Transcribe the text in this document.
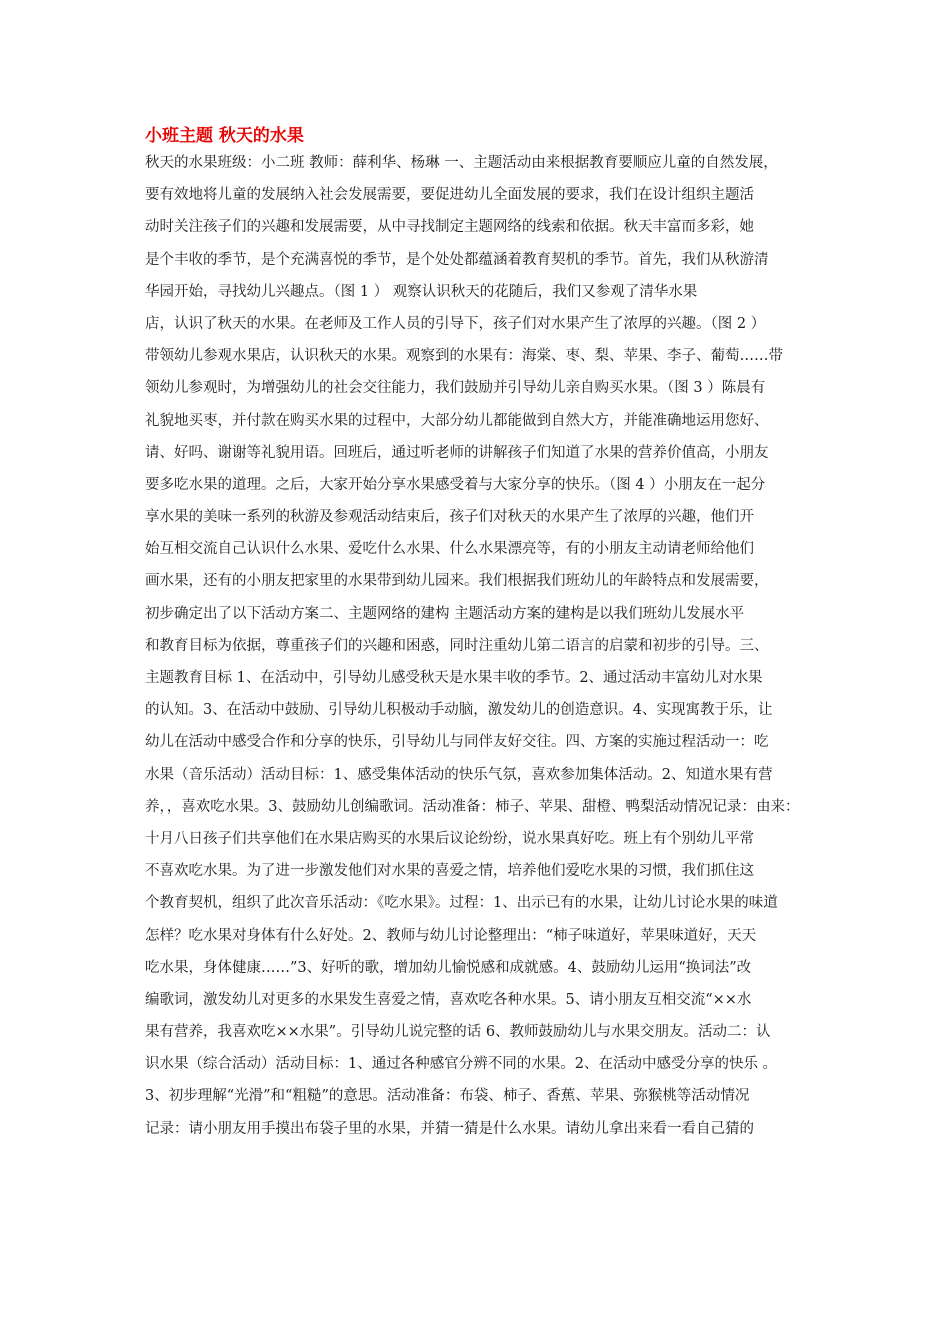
小班主题 秋天的水果
秋天的水果班级：小二班 教师：薛利华、杨琳 一、主题活动由来根据教育要顺应儿童的自然发展，
要有效地将儿童的发展纳入社会发展需要，要促进幼儿全面发展的要求，我们在设计组织主题活
动时关注孩子们的兴趣和发展需要，从中寻找制定主题网络的线索和依据。秋天丰富而多彩，她
是个丰收的季节，是个充满喜悦的季节，是个处处都蕴涵着教育契机的季节。首先，我们从秋游清
华园开始，寻找幼儿兴趣点。（图 1 ） 观察认识秋天的花随后，我们又参观了清华水果
店，认识了秋天的水果。在老师及工作人员的引导下，孩子们对水果产生了浓厚的兴趣。（图 2 ）
带领幼儿参观水果店，认识秋天的水果。观察到的水果有：海棠、枣、梨、苹果、李子、葡萄……带
领幼儿参观时，为增强幼儿的社会交往能力，我们鼓励并引导幼儿亲自购买水果。（图 3 ）陈晨有
礼貌地买枣，并付款在购买水果的过程中，大部分幼儿都能做到自然大方，并能准确地运用您好、
请、好吗、谢谢等礼貌用语。回班后，通过听老师的讲解孩子们知道了水果的营养价值高，小朋友
要多吃水果的道理。之后，大家开始分享水果感受着与大家分享的快乐。（图 4 ）小朋友在一起分
享水果的美味一系列的秋游及参观活动结束后，孩子们对秋天的水果产生了浓厚的兴趣，他们开
始互相交流自己认识什么水果、爱吃什么水果、什么水果漂亮等，有的小朋友主动请老师给他们
画水果，还有的小朋友把家里的水果带到幼儿园来。我们根据我们班幼儿的年龄特点和发展需要，
初步确定出了以下活动方案二、主题网络的建构 主题活动方案的建构是以我们班幼儿发展水平
和教育目标为依据，尊重孩子们的兴趣和困惑，同时注重幼儿第二语言的启蒙和初步的引导。三、
主题教育目标 1、在活动中，引导幼儿感受秋天是水果丰收的季节。2、通过活动丰富幼儿对水果
的认知。3、在活动中鼓励、引导幼儿积极动手动脑，激发幼儿的创造意识。4、实现寓教于乐，让
幼儿在活动中感受合作和分享的快乐，引导幼儿与同伴友好交往。四、方案的实施过程活动一：吃
水果（音乐活动）活动目标：1、感受集体活动的快乐气氛，喜欢参加集体活动。2、知道水果有营
养，，喜欢吃水果。3、鼓励幼儿创编歌词。活动准备：柿子、苹果、甜橙、鸭梨活动情况记录：由来：
十月八日孩子们共享他们在水果店购买的水果后议论纷纷，说水果真好吃。班上有个别幼儿平常
不喜欢吃水果。为了进一步激发他们对水果的喜爱之情，培养他们爱吃水果的习惯，我们抓住这
个教育契机，组织了此次音乐活动：《吃水果》。过程：1、出示已有的水果，让幼儿讨论水果的味道
怎样？吃水果对身体有什么好处。2、教师与幼儿讨论整理出：“柿子味道好，苹果味道好，天天
吃水果，身体健康……”3、好听的歌，增加幼儿愉悦感和成就感。4、鼓励幼儿运用“换词法”改
编歌词，激发幼儿对更多的水果发生喜爱之情，喜欢吃各种水果。5、请小朋友互相交流“××水
果有营养，我喜欢吃××水果”。引导幼儿说完整的话 6、教师鼓励幼儿与水果交朋友。活动二：认
识水果（综合活动）活动目标：1、通过各种感官分辨不同的水果。2、在活动中感受分享的快乐 。
3、初步理解“光滑”和“粗糙”的意思。活动准备：布袋、柿子、香蕉、苹果、弥猴桃等活动情况
记录：请小朋友用手摸出布袋子里的水果，并猜一猜是什么水果。请幼儿拿出来看一看自己猜的
